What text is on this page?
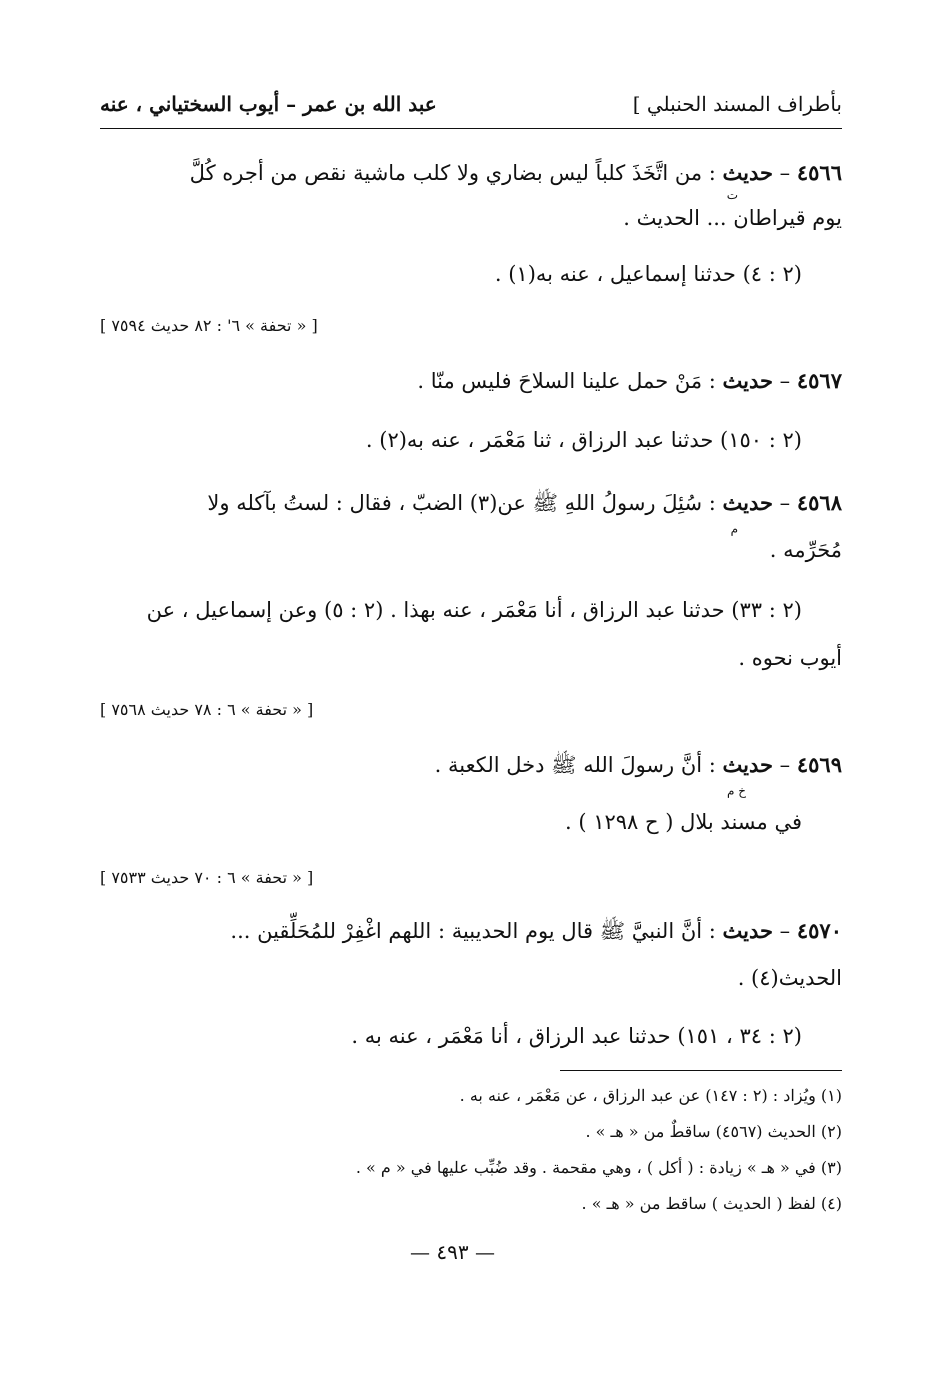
بأطراف المسند الحنبلي ]
عبد الله بن عمر – أيوب السختياني ، عنه
٤٥٦٦ – حديث : من اتَّخَذَ كلباً ليس بضاري ولا كلب ماشية نقص من أجره كُلَّ
ت
يوم قيراطان ... الحديث .
(٢ : ٤) حدثنا إسماعيل ، عنه به(١) .
[ « تحفة » ٦' : ٨٢ حديث ٧٥٩٤ ]
٤٥٦٧ – حديث : مَنْ حمل علينا السلاحَ فليس منّا .
(٢ : ١٥٠) حدثنا عبد الرزاق ، ثنا مَعْمَر ، عنه به(٢) .
٤٥٦٨ – حديث : سُئِلَ رسولُ اللهِ ﷺ عن(٣) الضبّ ، فقال : لستُ بآكله ولا
م
مُحَرِّمه .
(٢ : ٣٣) حدثنا عبد الرزاق ، أنا مَعْمَر ، عنه بهذا . (٢ : ٥) وعن إسماعيل ، عن
أيوب نحوه .
[ « تحفة » ٦ : ٧٨ حديث ٧٥٦٨ ]
٤٥٦٩ – حديث : أنَّ رسولَ الله ﷺ دخل الكعبة .
خ م
في مسند بلال ( ح ١٢٩٨ ) .
[ « تحفة » ٦ : ٧٠ حديث ٧٥٣٣ ]
٤٥٧٠ – حديث : أنَّ النبيَّ ﷺ قال يوم الحديبية : اللهم اغْفِرْ للمُحَلِّقين ...
الحديث(٤) .
(٢ : ٣٤ ، ١٥١) حدثنا عبد الرزاق ، أنا مَعْمَر ، عنه به .
(١) ويُزاد : (٢ : ١٤٧) عن عبد الرزاق ، عن مَعْمَر ، عنه به .
(٢) الحديث (٤٥٦٧) ساقطٌ من « هـ » .
(٣) في « هـ » زيادة : ( أكل ) ، وهي مقحمة . وقد ضُبِّب عليها في « م » .
(٤) لفظ ( الحديث ) ساقط من « هـ » .
— ٤٩٣ —
